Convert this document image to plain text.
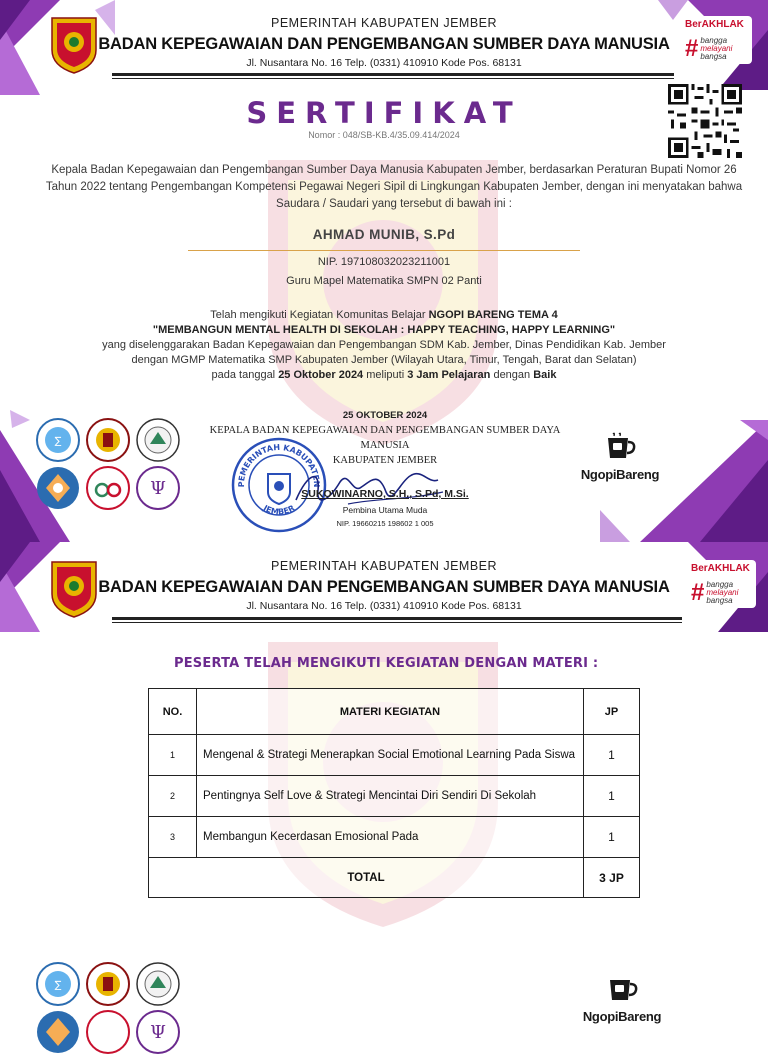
PEMERINTAH KABUPATEN JEMBER
BADAN KEPEGAWAIAN DAN PENGEMBANGAN SUMBER DAYA MANUSIA
Jl. Nusantara No. 16 Telp. (0331) 410910 Kode Pos. 68131
BerAKHLAK
# bangga
melayani
bangsa
SERTIFIKAT
Nomor : 048/SB-KB.4/35.09.414/2024
Kepala Badan Kepegawaian dan Pengembangan Sumber Daya Manusia Kabupaten Jember, berdasarkan Peraturan Bupati Nomor 26 Tahun 2022 tentang Pengembangan Kompetensi Pegawai Negeri Sipil di Lingkungan Kabupaten Jember, dengan ini menyatakan bahwa Saudara / Saudari yang tersebut di bawah ini :
AHMAD MUNIB, S.Pd
NIP. 197108032023211001
Guru Mapel Matematika SMPN 02 Panti
Telah mengikuti Kegiatan Komunitas Belajar NGOPI BARENG TEMA 4
"MEMBANGUN MENTAL HEALTH DI SEKOLAH : HAPPY TEACHING, HAPPY LEARNING"
yang diselenggarakan Badan Kepegawaian dan Pengembangan SDM Kab. Jember, Dinas Pendidikan Kab. Jember
dengan MGMP Matematika SMP Kabupaten Jember (Wilayah Utara, Timur, Tengah, Barat dan Selatan)
pada tanggal 25 Oktober 2024 meliputi 3 Jam Pelajaran dengan Baik
∑
Ψ
25 OKTOBER 2024
KEPALA BADAN KEPEGAWAIAN DAN PENGEMBANGAN SUMBER DAYA MANUSIA
KABUPATEN JEMBER
PEMERINTAH KABUPATEN
JEMBER
SUKOWINARNO, S.H., S.Pd, M.Si.
Pembina Utama Muda
NIP. 19660215 198602 1 005
NgopiBareng
PEMERINTAH KABUPATEN JEMBER
BADAN KEPEGAWAIAN DAN PENGEMBANGAN SUMBER DAYA MANUSIA
Jl. Nusantara No. 16 Telp. (0331) 410910 Kode Pos. 68131
BerAKHLAK
# bangga
melayani
bangsa
PESERTA TELAH MENGIKUTI KEGIATAN DENGAN MATERI :
NO.	MATERI KEGIATAN	JP
1	Mengenal & Strategi Menerapkan Social Emotional Learning Pada Siswa	1
2	Pentingnya Self Love & Strategi Mencintai Diri Sendiri Di Sekolah	1
3	Membangun Kecerdasan Emosional Pada	1
TOTAL		3 JP
∑
Ψ
NgopiBareng
